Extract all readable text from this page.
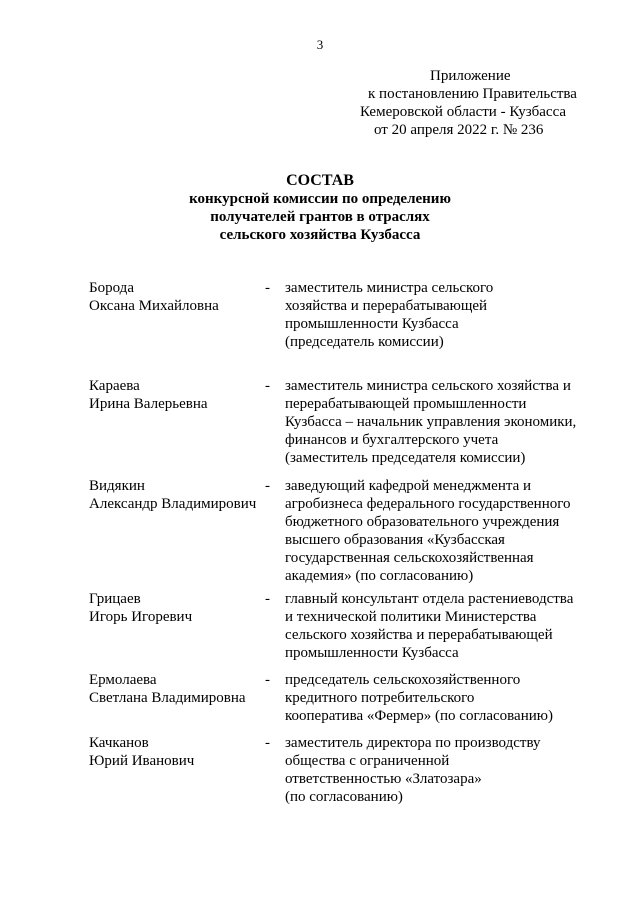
3
Приложение
к постановлению Правительства
Кемеровской области - Кузбасса
от 20 апреля 2022 г. № 236
СОСТАВ
конкурсной комиссии по определению
получателей грантов в отраслях
сельского хозяйства Кузбасса
Борода
Оксана Михайловна
-	заместитель министра сельского
хозяйства и перерабатывающей
промышленности Кузбасса
(председатель комиссии)
Караева
Ирина Валерьевна
-	заместитель министра сельского хозяйства и
перерабатывающей промышленности
Кузбасса – начальник управления экономики,
финансов и бухгалтерского учета
(заместитель председателя комиссии)
Видякин
Александр Владимирович
-	заведующий кафедрой менеджмента и
агробизнеса федерального государственного
бюджетного образовательного учреждения
высшего образования «Кузбасская
государственная сельскохозяйственная
академия» (по согласованию)
Грицаев
Игорь Игоревич
-	главный консультант отдела растениеводства
и технической политики Министерства
сельского хозяйства и перерабатывающей
промышленности Кузбасса
Ермолаева
Светлана Владимировна
-	председатель сельскохозяйственного
кредитного потребительского
кооператива «Фермер» (по согласованию)
Качканов
Юрий Иванович
-	заместитель директора по производству
общества с ограниченной
ответственностью «Златозара»
(по согласованию)
